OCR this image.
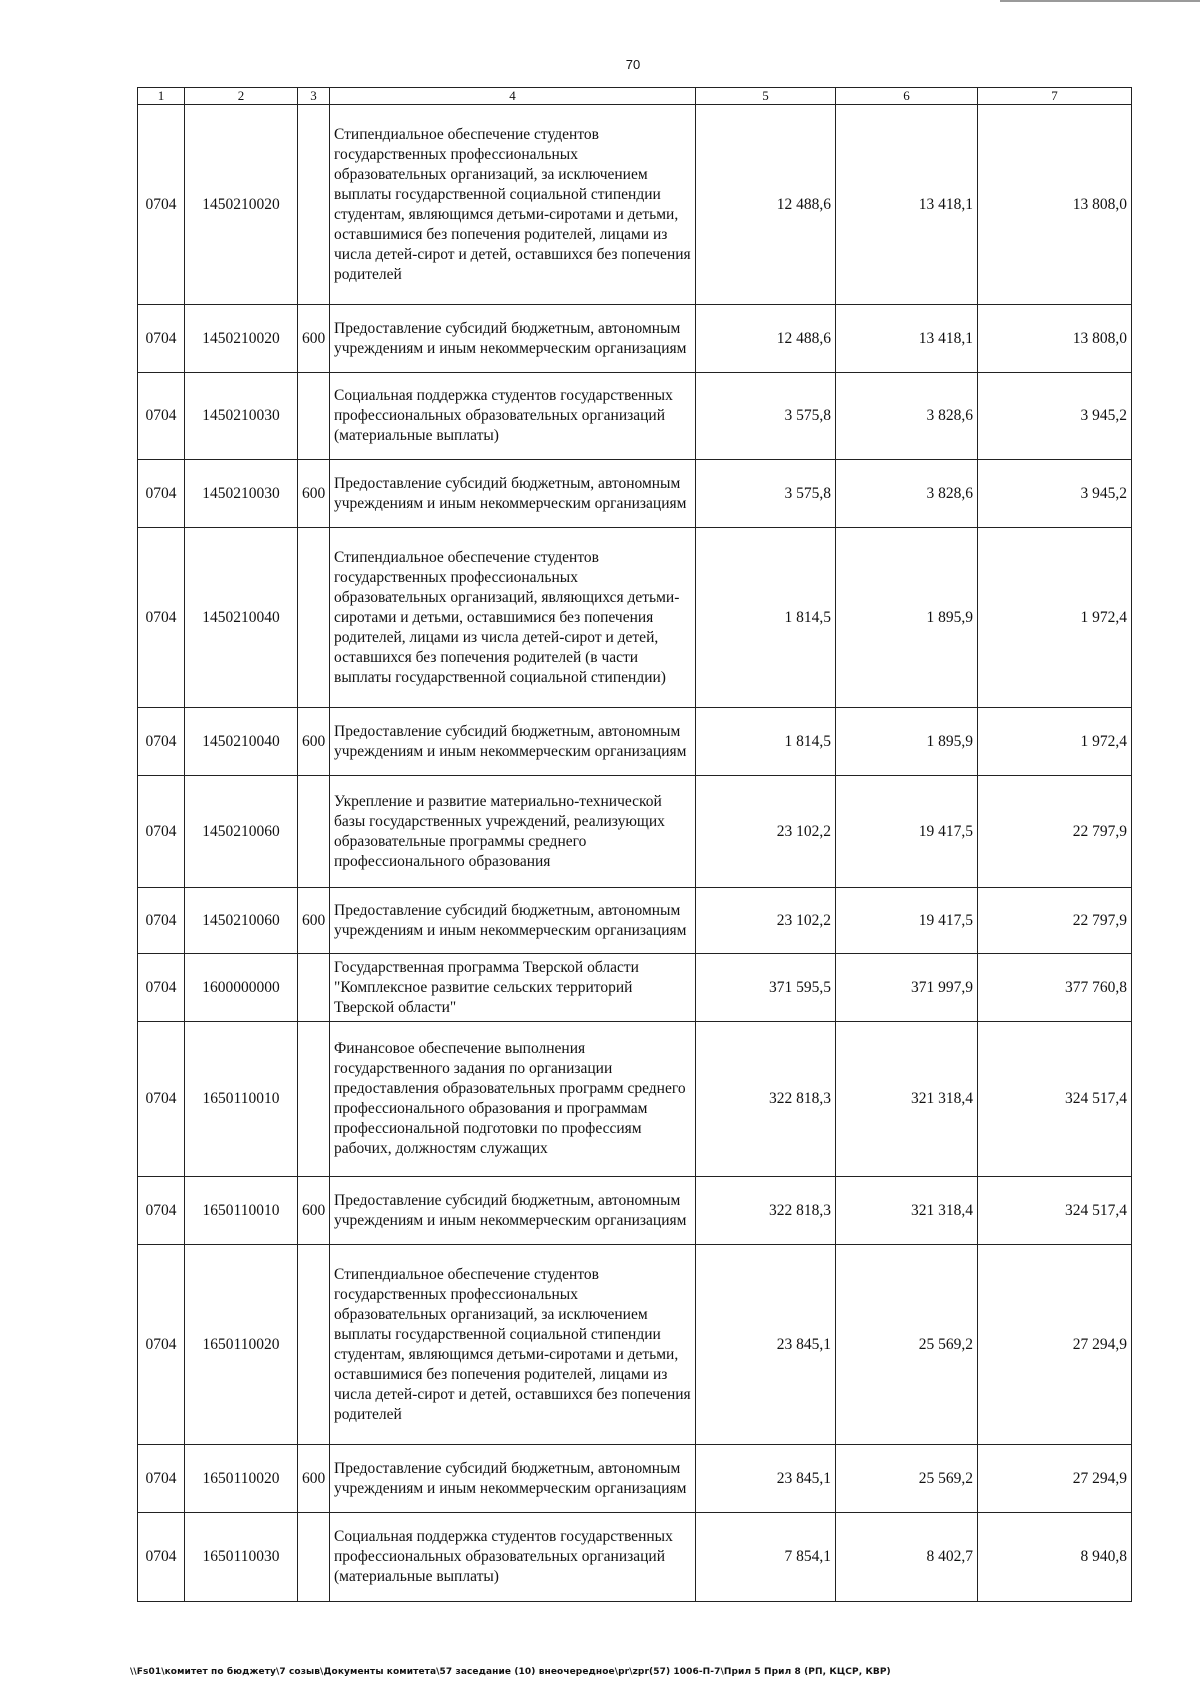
70
1	2	3	4	5	6	7
0704	1450210020		Стипендиальное обеспечение студентов государственных профессиональных образовательных организаций, за исключением выплаты государственной социальной стипендии студентам, являющимся детьми-сиротами и детьми, оставшимися без попечения родителей, лицами из числа детей-сирот и детей, оставшихся без попечения родителей	12 488,6	13 418,1	13 808,0
0704	1450210020	600	Предоставление субсидий бюджетным, автономным учреждениям и иным некоммерческим организациям	12 488,6	13 418,1	13 808,0
0704	1450210030		Социальная поддержка студентов государственных профессиональных образовательных организаций (материальные выплаты)	3 575,8	3 828,6	3 945,2
0704	1450210030	600	Предоставление субсидий бюджетным, автономным учреждениям и иным некоммерческим организациям	3 575,8	3 828,6	3 945,2
0704	1450210040		Стипендиальное обеспечение студентов государственных профессиональных образовательных организаций, являющихся детьми-сиротами и детьми, оставшимися без попечения родителей, лицами из числа детей-сирот и детей, оставшихся без попечения родителей (в части выплаты государственной социальной стипендии)	1 814,5	1 895,9	1 972,4
0704	1450210040	600	Предоставление субсидий бюджетным, автономным учреждениям и иным некоммерческим организациям	1 814,5	1 895,9	1 972,4
0704	1450210060		Укрепление и развитие материально-технической базы государственных учреждений, реализующих образовательные программы среднего профессионального образования	23 102,2	19 417,5	22 797,9
0704	1450210060	600	Предоставление субсидий бюджетным, автономным учреждениям и иным некоммерческим организациям	23 102,2	19 417,5	22 797,9
0704	1600000000		Государственная программа Тверской области "Комплексное развитие сельских территорий Тверской области"	371 595,5	371 997,9	377 760,8
0704	1650110010		Финансовое обеспечение выполнения государственного задания по организации предоставления образовательных программ среднего профессионального образования и программам профессиональной подготовки по профессиям рабочих, должностям служащих	322 818,3	321 318,4	324 517,4
0704	1650110010	600	Предоставление субсидий бюджетным, автономным учреждениям и иным некоммерческим организациям	322 818,3	321 318,4	324 517,4
0704	1650110020		Стипендиальное обеспечение студентов государственных профессиональных образовательных организаций, за исключением выплаты государственной социальной стипендии студентам, являющимся детьми-сиротами и детьми, оставшимися без попечения родителей, лицами из числа детей-сирот и детей, оставшихся без попечения родителей	23 845,1	25 569,2	27 294,9
0704	1650110020	600	Предоставление субсидий бюджетным, автономным учреждениям и иным некоммерческим организациям	23 845,1	25 569,2	27 294,9
0704	1650110030		Социальная поддержка студентов государственных профессиональных образовательных организаций (материальные выплаты)	7 854,1	8 402,7	8 940,8
\\Fs01\комитет по бюджету\7 созыв\Документы комитета\57 заседание (10) внеочередное\pr\zpr(57) 1006-П-7\Прил 5 Прил 8 (РП, КЦСР, КВР)
